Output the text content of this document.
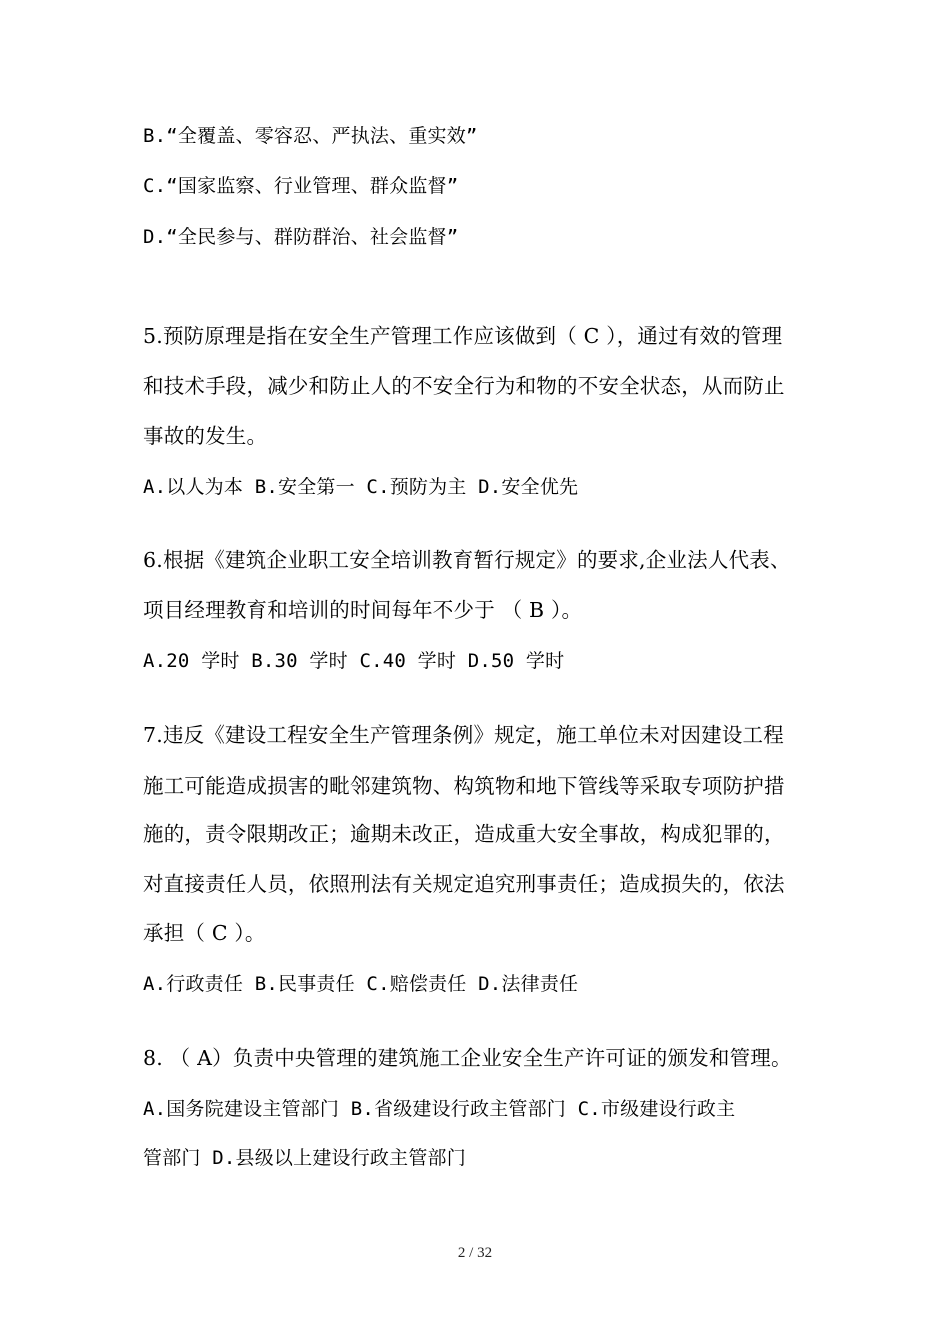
B.“全覆盖、零容忍、严执法、重实效”
C.“国家监察、行业管理、群众监督”
D.“全民参与、群防群治、社会监督”
5.预防原理是指在安全生产管理工作应该做到（ C ），通过有效的管理
和技术手段，减少和防止人的不安全行为和物的不安全状态，从而防止
事故的发生。
A.以人为本 B.安全第一 C.预防为主 D.安全优先
6.根据《建筑企业职工安全培训教育暂行规定》的要求,企业法人代表、
项目经理教育和培训的时间每年不少于 （ B ）。
A.20 学时 B.30 学时 C.40 学时 D.50 学时
7.违反《建设工程安全生产管理条例》规定，施工单位未对因建设工程
施工可能造成损害的毗邻建筑物、构筑物和地下管线等采取专项防护措
施的，责令限期改正；逾期未改正，造成重大安全事故，构成犯罪的，
对直接责任人员，依照刑法有关规定追究刑事责任；造成损失的，依法
承担（ C ）。
A.行政责任 B.民事责任 C.赔偿责任 D.法律责任
8. （ A）负责中央管理的建筑施工企业安全生产许可证的颁发和管理。
A.国务院建设主管部门 B.省级建设行政主管部门 C.市级建设行政主
管部门 D.县级以上建设行政主管部门
2 / 32
